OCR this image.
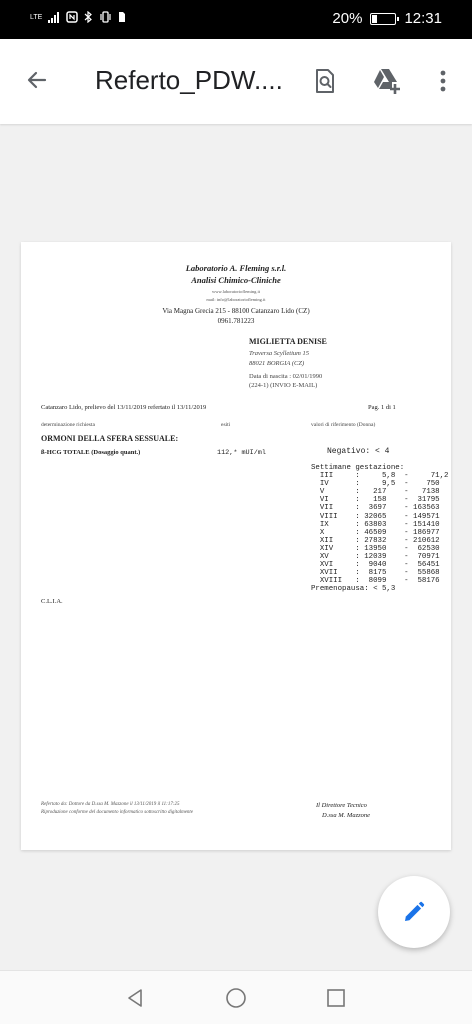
LTE	20%	12:31
Referto_PDW....
Laboratorio A. Fleming s.r.l.
Analisi Chimico-Cliniche
www.laboratoriofleming.it
mail: info@laboratoriofleming.it
Via Magna Grecia 215 - 88100 Catanzaro Lido (CZ)
0961.781223
MIGLIETTA DENISE
Traversa Scylletium 15
88021 BORGIA (CZ)
Data di nascita : 02/01/1990
(224-1) (INVIO E-MAIL)
Catanzaro Lido, prelievo del 13/11/2019 refertato il 13/11/2019	Pag. 1 di 1
determinazione richiesta	esiti	valori di riferimento (Donna)
ORMONI DELLA SFERA SESSUALE:
ß-HCG TOTALE (Dosaggio quant.)	112,* mUI/ml	Negativo: < 4
Settimane gestazione:
III     :     5,8  -     71,2
IV      :     9,5  -    750
V       :   217    -   7138
VI      :   158    -  31795
VII     :  3697    - 163563
VIII    : 32065    - 149571
IX      : 63803    - 151410
X       : 46509    - 186977
XII     : 27832    - 210612
XIV     : 13950    -  62530
XV      : 12039    -  70971
XVI     :  9040    -  56451
XVII    :  8175    -  55868
XVIII   :  8099    -  58176
Premenopausa: < 5,3
C.L.I.A.
Refertato da: Dottore da D.ssa M. Mazzone il 13/11/2019 il 11:17:25
Riproduzione conforme del documento informatico sottoscritto digitalmente
Il Direttore Tecnico
D.ssa M. Mazzone
